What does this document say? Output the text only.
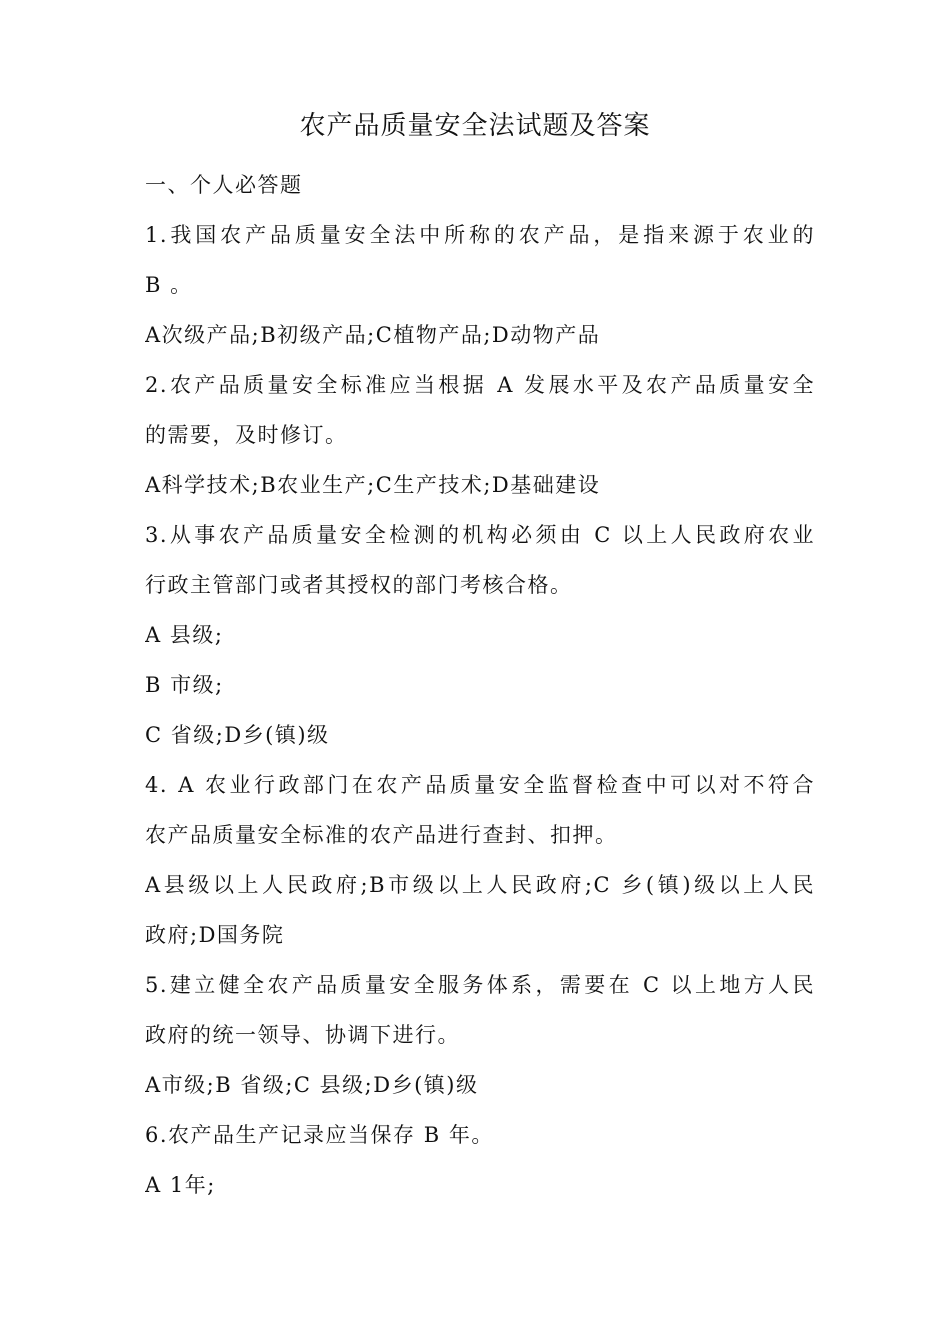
农产品质量安全法试题及答案
一、个人必答题
1.我国农产品质量安全法中所称的农产品，是指来源于农业的
B 。
A次级产品;B初级产品;C植物产品;D动物产品
2.农产品质量安全标准应当根据 A 发展水平及农产品质量安全
的需要，及时修订。
A科学技术;B农业生产;C生产技术;D基础建设
3.从事农产品质量安全检测的机构必须由 C 以上人民政府农业
行政主管部门或者其授权的部门考核合格。
A 县级;
B 市级;
C 省级;D乡(镇)级
4. A 农业行政部门在农产品质量安全监督检查中可以对不符合
农产品质量安全标准的农产品进行查封、扣押。
A县级以上人民政府;B市级以上人民政府;C 乡(镇)级以上人民
政府;D国务院
5.建立健全农产品质量安全服务体系，需要在 C 以上地方人民
政府的统一领导、协调下进行。
A市级;B 省级;C 县级;D乡(镇)级
6.农产品生产记录应当保存 B 年。
A 1年;
